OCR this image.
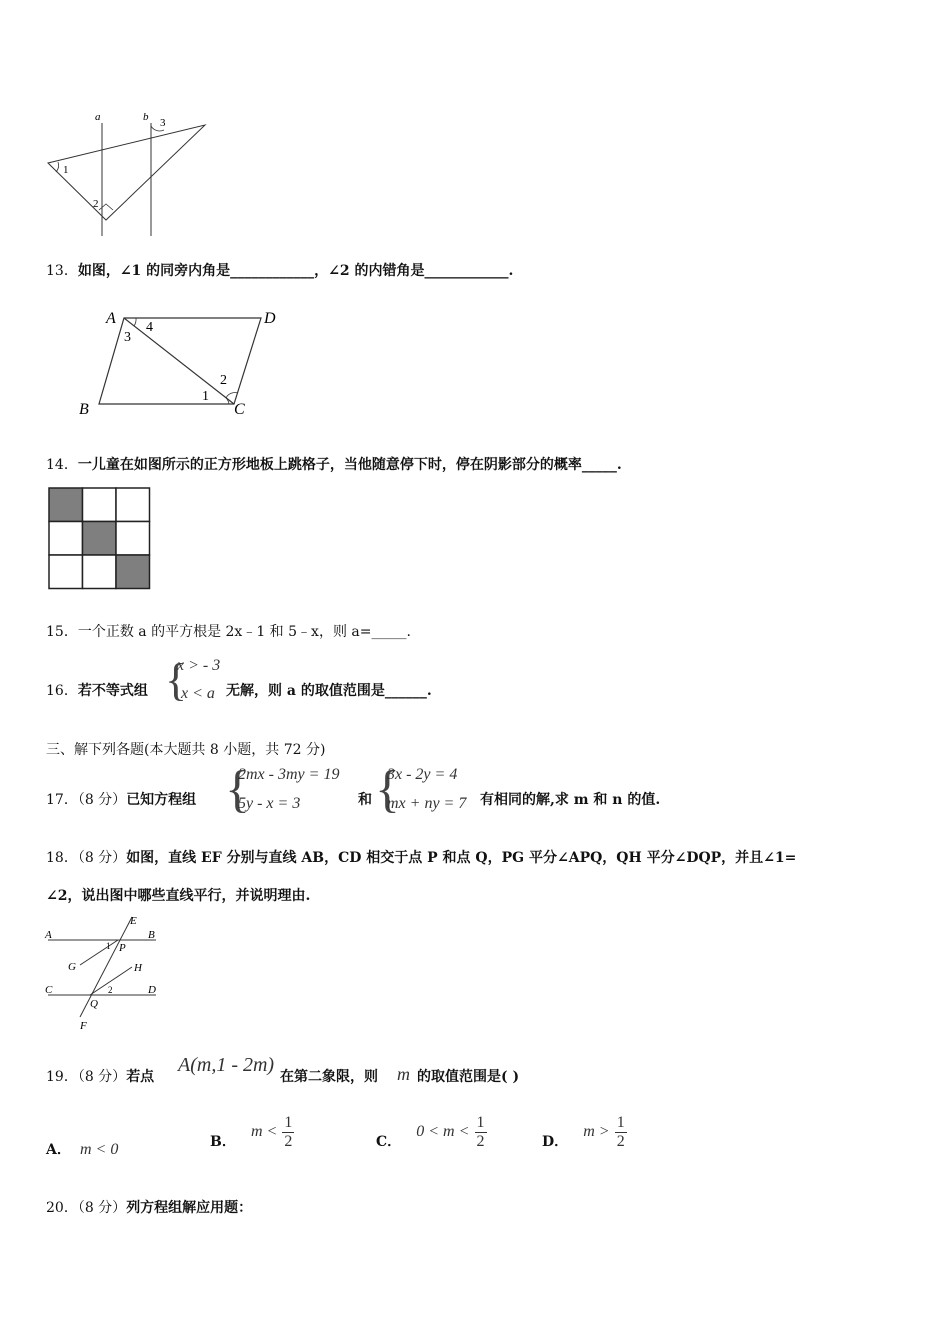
a	b
1
2
3
13．如图，∠1 的同旁内角是____________，∠2 的内错角是____________.
A	D
B	C
4
3
1
2
14．一儿童在如图所示的正方形地板上跳格子，当他随意停下时，停在阴影部分的概率_____.
15．一个正数 a 的平方根是 2x﹣1 和 5﹣x，则 a=_____.
16．若不等式组 {
x > - 3
x < a 无解，则 a 的取值范围是______.
三、解下列各题(本大题共 8 小题，共 72 分)
17．（8 分）已知方程组 {
2mx - 3my = 19
5y - x = 3	和 {
3x - 2y = 4
mx + ny = 7 有相同的解,求 m 和 n 的值.
18．（8 分）如图，直线 EF 分别与直线 AB，CD 相交于点 P 和点 Q，PG 平分∠APQ，QH 平分∠DQP，并且∠1=
∠2，说出图中哪些直线平行，并说明理由.
A	B
C	D
E
F
G	H
P
Q
1
2
19．（8 分）若点
A(m,1 - 2m)
在第二象限，则 m 的取值范围是( )
A． m < 0	B． $m < \frac{1}{2}$	C． $0 < m < \frac{1}{2}$	D． $m > \frac{1}{2}$
20．（8 分）列方程组解应用题：
